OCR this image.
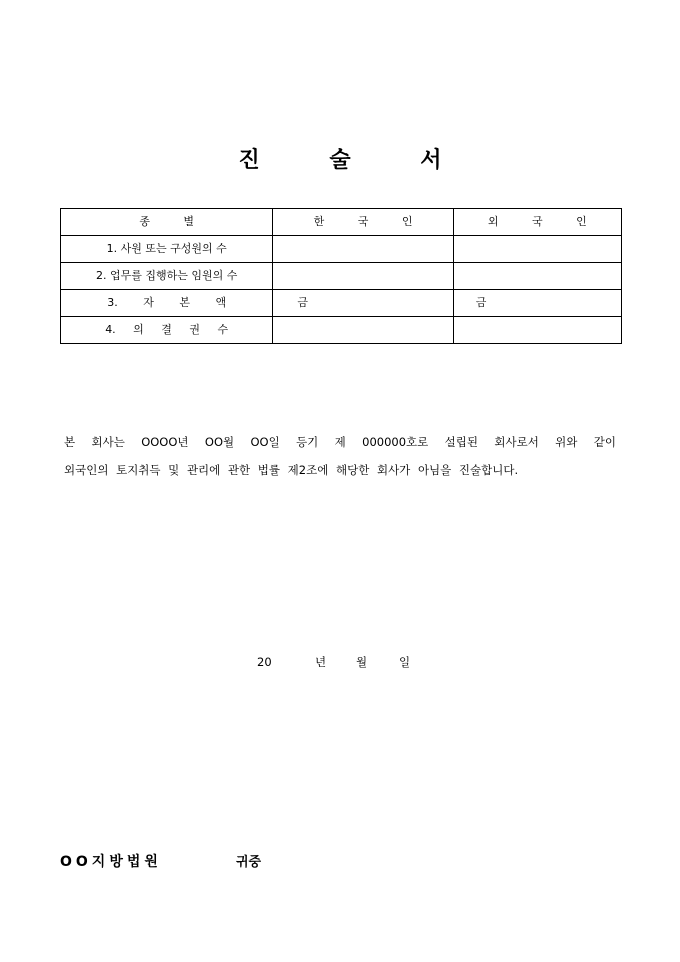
진 술 서
종 별	한 국 인	외 국 인
1. 사원 또는 구성원의 수		
2. 업무를 집행하는 임원의 수		
3. 자 본 액	금	금
4. 의 결 권 수		

본 회사는 OOOO년 OO월 OO일 등기 제 000000호로 설립된 회사로서 위와 같이

외국인의 토지취득 및 관리에 관한 법률 제2조에 해당한 회사가 아님을 진술합니다.

20	년	월	일
OO지방법원	귀중
